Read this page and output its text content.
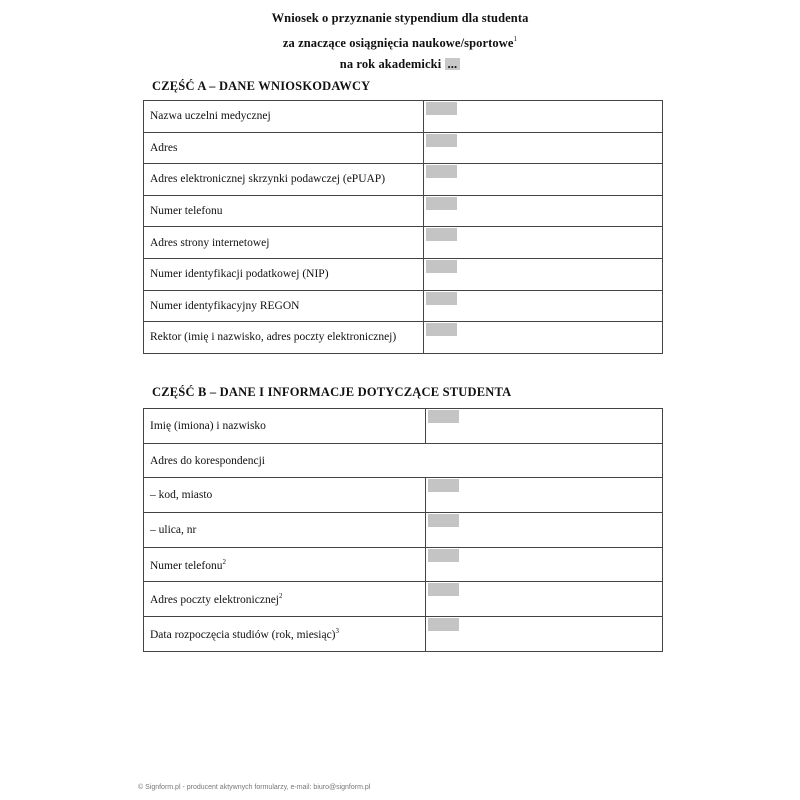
Wniosek o przyznanie stypendium dla studenta
za znaczące osiągnięcia naukowe/sportowe$^1$
na rok akademicki ...
CZĘŚĆ A – DANE WNIOSKODAWCY
Nazwa uczelni medycznej	

Adres	

Adres elektronicznej skrzynki podawczej (ePUAP)	

Numer telefonu	

Adres strony internetowej	

Numer identyfikacji podatkowej (NIP)	

Numer identyfikacyjny REGON	

Rektor (imię i nazwisko, adres poczty elektronicznej)	
CZĘŚĆ B – DANE I INFORMACJE DOTYCZĄCE STUDENTA
Imię (imiona) i nazwisko	

Adres do korespondencji	
– kod, miasto	

– ulica, nr	

Numer telefonu$^2$	

Adres poczty elektronicznej$^2$	

Data rozpoczęcia studiów (rok, miesiąc)$^3$	
© Signform.pl - producent aktywnych formularzy, e-mail: biuro@signform.pl
